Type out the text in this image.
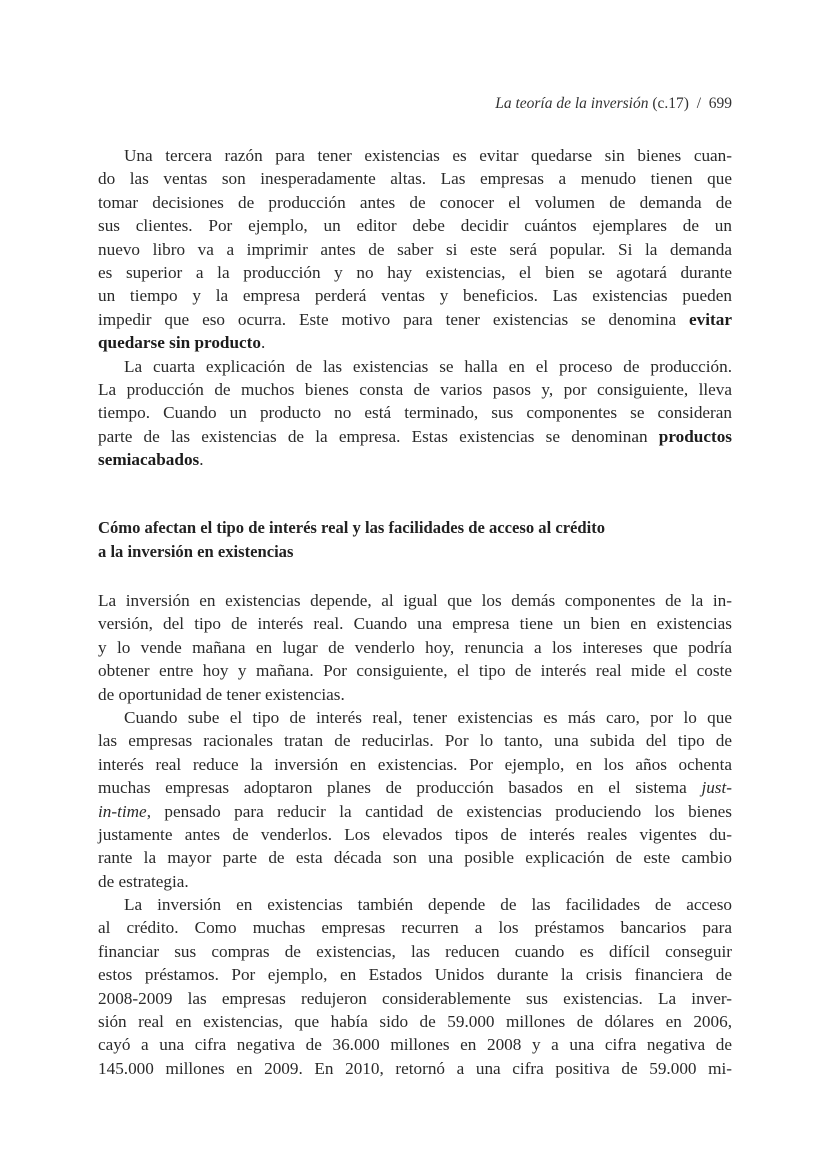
La teoría de la inversión (c.17) / 699
Una tercera razón para tener existencias es evitar quedarse sin bienes cuan-
do las ventas son inesperadamente altas. Las empresas a menudo tienen que
tomar decisiones de producción antes de conocer el volumen de demanda de
sus clientes. Por ejemplo, un editor debe decidir cuántos ejemplares de un
nuevo libro va a imprimir antes de saber si este será popular. Si la demanda
es superior a la producción y no hay existencias, el bien se agotará durante
un tiempo y la empresa perderá ventas y beneficios. Las existencias pueden
impedir que eso ocurra. Este motivo para tener existencias se denomina evitar
quedarse sin producto.
La cuarta explicación de las existencias se halla en el proceso de producción.
La producción de muchos bienes consta de varios pasos y, por consiguiente, lleva
tiempo. Cuando un producto no está terminado, sus componentes se consideran
parte de las existencias de la empresa. Estas existencias se denominan productos
semiacabados.
Cómo afectan el tipo de interés real y las facilidades de acceso al crédito
a la inversión en existencias
La inversión en existencias depende, al igual que los demás componentes de la in-
versión, del tipo de interés real. Cuando una empresa tiene un bien en existencias
y lo vende mañana en lugar de venderlo hoy, renuncia a los intereses que podría
obtener entre hoy y mañana. Por consiguiente, el tipo de interés real mide el coste
de oportunidad de tener existencias.
Cuando sube el tipo de interés real, tener existencias es más caro, por lo que
las empresas racionales tratan de reducirlas. Por lo tanto, una subida del tipo de
interés real reduce la inversión en existencias. Por ejemplo, en los años ochenta
muchas empresas adoptaron planes de producción basados en el sistema just-
in-time, pensado para reducir la cantidad de existencias produciendo los bienes
justamente antes de venderlos. Los elevados tipos de interés reales vigentes du-
rante la mayor parte de esta década son una posible explicación de este cambio
de estrategia.
La inversión en existencias también depende de las facilidades de acceso
al crédito. Como muchas empresas recurren a los préstamos bancarios para
financiar sus compras de existencias, las reducen cuando es difícil conseguir
estos préstamos. Por ejemplo, en Estados Unidos durante la crisis financiera de
2008-2009 las empresas redujeron considerablemente sus existencias. La inver-
sión real en existencias, que había sido de 59.000 millones de dólares en 2006,
cayó a una cifra negativa de 36.000 millones en 2008 y a una cifra negativa de
145.000 millones en 2009. En 2010, retornó a una cifra positiva de 59.000 mi-
